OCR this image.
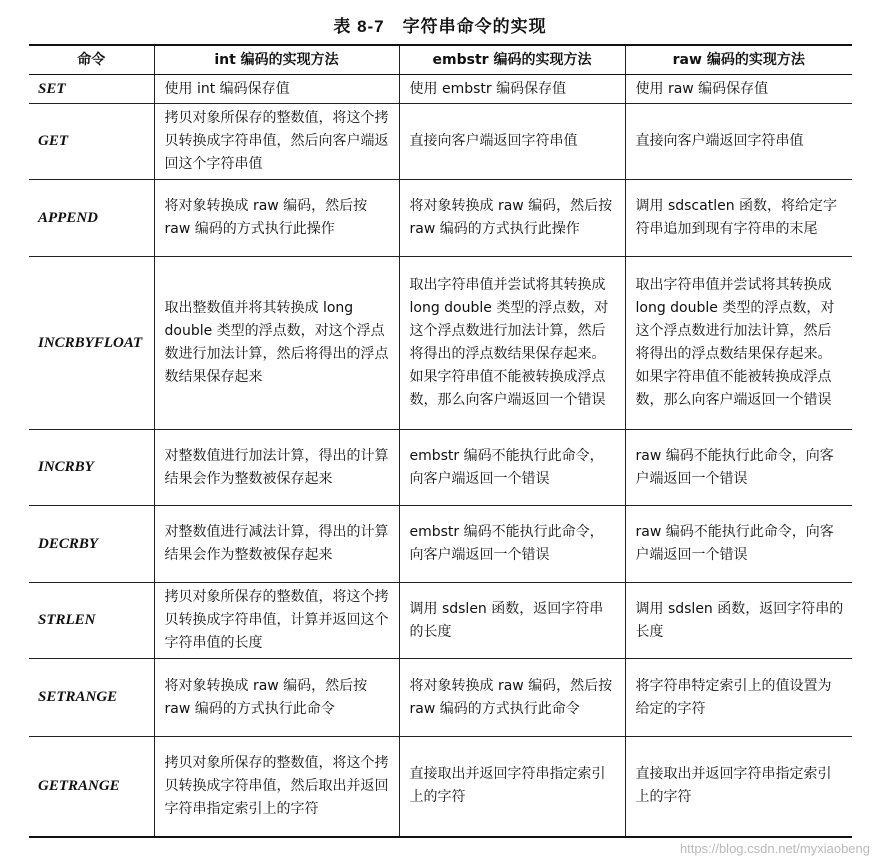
表 8-7 字符串命令的实现
命令	int 编码的实现方法	embstr 编码的实现方法	raw 编码的实现方法
SET	使用 int 编码保存值	使用 embstr 编码保存值	使用 raw 编码保存值
GET	拷贝对象所保存的整数值，将这个拷贝转换成字符串值，然后向客户端返回这个字符串值	直接向客户端返回字符串值	直接向客户端返回字符串值
APPEND	将对象转换成 raw 编码，然后按 raw 编码的方式执行此操作	将对象转换成 raw 编码，然后按 raw 编码的方式执行此操作	调用 sdscatlen 函数，将给定字符串追加到现有字符串的末尾
INCRBYFLOAT	取出整数值并将其转换成 long double 类型的浮点数，对这个浮点数进行加法计算，然后将得出的浮点数结果保存起来	取出字符串值并尝试将其转换成 long double 类型的浮点数，对这个浮点数进行加法计算，然后将得出的浮点数结果保存起来。如果字符串值不能被转换成浮点数，那么向客户端返回一个错误	取出字符串值并尝试将其转换成 long double 类型的浮点数，对这个浮点数进行加法计算，然后将得出的浮点数结果保存起来。如果字符串值不能被转换成浮点数，那么向客户端返回一个错误
INCRBY	对整数值进行加法计算，得出的计算结果会作为整数被保存起来	embstr 编码不能执行此命令，向客户端返回一个错误	raw 编码不能执行此命令，向客户端返回一个错误
DECRBY	对整数值进行减法计算，得出的计算结果会作为整数被保存起来	embstr 编码不能执行此命令，向客户端返回一个错误	raw 编码不能执行此命令，向客户端返回一个错误
STRLEN	拷贝对象所保存的整数值，将这个拷贝转换成字符串值，计算并返回这个字符串值的长度	调用 sdslen 函数，返回字符串的长度	调用 sdslen 函数，返回字符串的长度
SETRANGE	将对象转换成 raw 编码，然后按 raw 编码的方式执行此命令	将对象转换成 raw 编码，然后按 raw 编码的方式执行此命令	将字符串特定索引上的值设置为给定的字符
GETRANGE	拷贝对象所保存的整数值，将这个拷贝转换成字符串值，然后取出并返回字符串指定索引上的字符	直接取出并返回字符串指定索引上的字符	直接取出并返回字符串指定索引上的字符
https://blog.csdn.net/myxiaobeng
